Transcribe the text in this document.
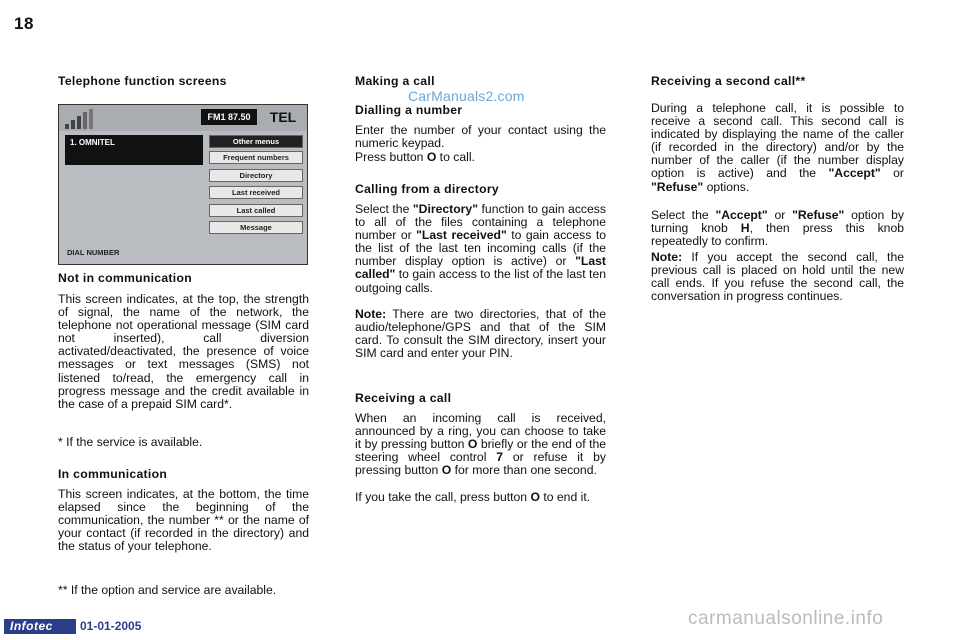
18
Telephone function screens
Not in communication
This screen indicates, at the top, the strength of signal, the name of the network, the telephone not operational message (SIM card not inserted), call diversion activated/deactivated, the presence of voice messages or text messages (SMS) not listened to/read, the emergency call in progress message and the credit available in the case of a prepaid SIM card*.
* If the service is available.
In communication
This screen indicates, at the bottom, the time elapsed since the beginning of the communication, the number ** or the name of your contact (if recorded in the directory) and the status of your telephone.
** If the option and service are available.
FM1 87.50	TEL
1. OMNITEL	Other menus
Frequent numbers
Directory
Last received
Last called
Message
DIAL NUMBER
Making a call
Dialling a number
Enter the number of your contact using the numeric keypad.
Press button O to call.
Calling from a directory
Select the "Directory" function to gain access to all of the files containing a telephone number or "Last received" to gain access to the list of the last ten incoming calls (if the number display option is active) or "Last called" to gain access to the list of the last ten outgoing calls.
Note: There are two directories, that of the audio/telephone/GPS and that of the SIM card. To consult the SIM directory, insert your SIM card and enter your PIN.
Receiving a call
When an incoming call is received, announced by a ring, you can choose to take it by pressing button O briefly or the end of the steering wheel control 7 or refuse it by pressing button O for more than one second.
If you take the call, press button O to end it.
Receiving a second call**
During a telephone call, it is possible to receive a second call. This second call is indicated by displaying the name of the caller (if recorded in the directory) and/or by the number of the caller (if the number display option is active) and the "Accept" or "Refuse" options.
Select the "Accept" or "Refuse" option by turning knob H, then press this knob repeatedly to confirm.
Note: If you accept the second call, the previous call is placed on hold until the new call ends. If you refuse the second call, the conversation in progress continues.
Infotec	01-01-2005
CarManuals2.com
carmanualsonline.info
